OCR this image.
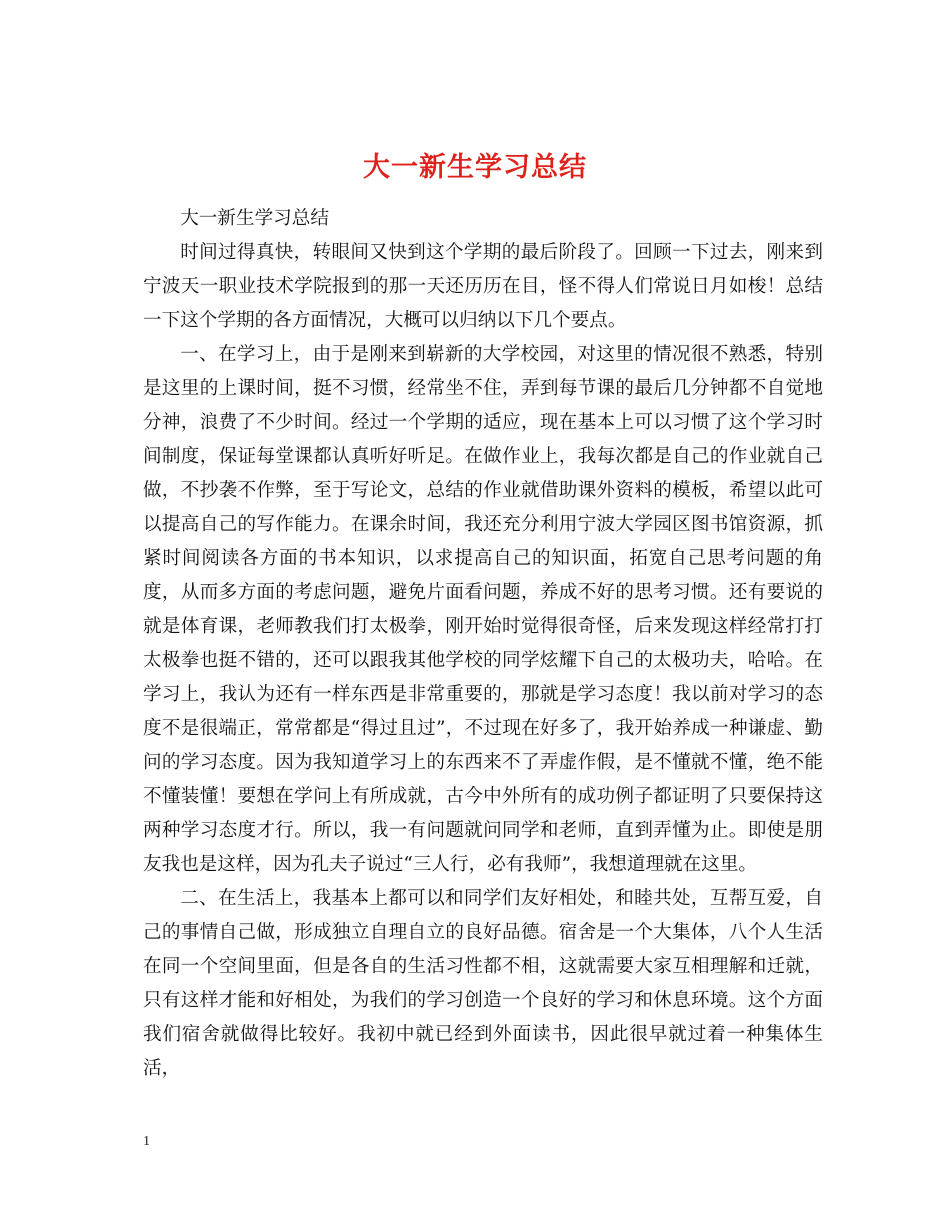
大一新生学习总结

大一新生学习总结

时间过得真快，转眼间又快到这个学期的最后阶段了。回顾一下过去，刚来到宁波天一职业技术学院报到的那一天还历历在目，怪不得人们常说日月如梭！总结一下这个学期的各方面情况，大概可以归纳以下几个要点。

一、在学习上，由于是刚来到崭新的大学校园，对这里的情况很不熟悉，特别是这里的上课时间，挺不习惯，经常坐不住，弄到每节课的最后几分钟都不自觉地分神，浪费了不少时间。经过一个学期的适应，现在基本上可以习惯了这个学习时间制度，保证每堂课都认真听好听足。在做作业上，我每次都是自己的作业就自己做，不抄袭不作弊，至于写论文，总结的作业就借助课外资料的模板，希望以此可以提高自己的写作能力。在课余时间，我还充分利用宁波大学园区图书馆资源，抓紧时间阅读各方面的书本知识，以求提高自己的知识面，拓宽自己思考问题的角度，从而多方面的考虑问题，避免片面看问题，养成不好的思考习惯。还有要说的就是体育课，老师教我们打太极拳，刚开始时觉得很奇怪，后来发现这样经常打打太极拳也挺不错的，还可以跟我其他学校的同学炫耀下自己的太极功夫，哈哈。在学习上，我认为还有一样东西是非常重要的，那就是学习态度！我以前对学习的态度不是很端正，常常都是“得过且过”，不过现在好多了，我开始养成一种谦虚、勤问的学习态度。因为我知道学习上的东西来不了弄虚作假，是不懂就不懂，绝不能不懂装懂！要想在学问上有所成就，古今中外所有的成功例子都证明了只要保持这两种学习态度才行。所以，我一有问题就问同学和老师，直到弄懂为止。即使是朋友我也是这样，因为孔夫子说过“三人行，必有我师”，我想道理就在这里。

二、在生活上，我基本上都可以和同学们友好相处，和睦共处，互帮互爱，自己的事情自己做，形成独立自理自立的良好品德。宿舍是一个大集体，八个人生活在同一个空间里面，但是各自的生活习性都不相，这就需要大家互相理解和迁就，只有这样才能和好相处，为我们的学习创造一个良好的学习和休息环境。这个方面我们宿舍就做得比较好。我初中就已经到外面读书，因此很早就过着一种集体生活，

1
